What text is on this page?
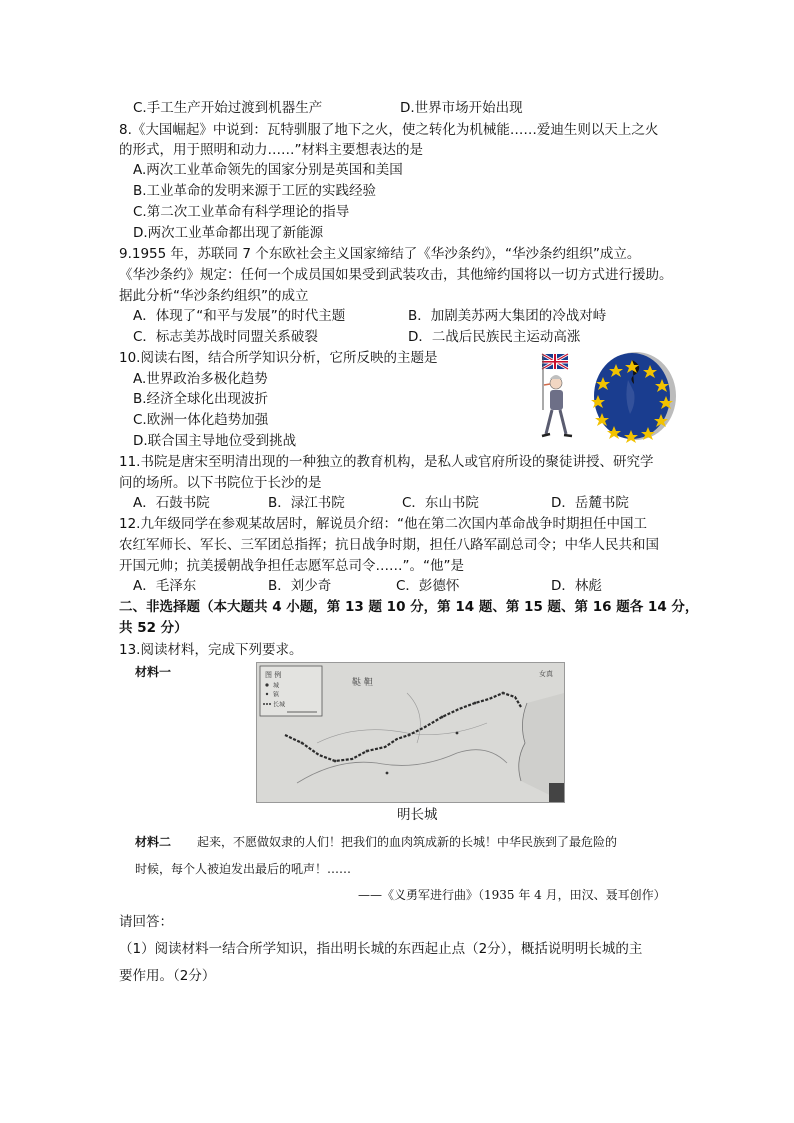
C.手工生产开始过渡到机器生产	D.世界市场开始出现
8.《大国崛起》中说到：瓦特驯服了地下之火，使之转化为机械能……爱迪生则以天上之火
的形式，用于照明和动力……”材料主要想表达的是
A.两次工业革命领先的国家分别是英国和美国
B.工业革命的发明来源于工匠的实践经验
C.第二次工业革命有科学理论的指导
D.两次工业革命都出现了新能源
9.1955 年，苏联同 7 个东欧社会主义国家缔结了《华沙条约》，“华沙条约组织”成立。
《华沙条约》规定：任何一个成员国如果受到武装攻击，其他缔约国将以一切方式进行援助。
据此分析“华沙条约组织”的成立
A．体现了“和平与发展”的时代主题	B．加剧美苏两大集团的冷战对峙
C．标志美苏战时同盟关系破裂	D．二战后民族民主运动高涨
10.阅读右图，结合所学知识分析，它所反映的主题是
A.世界政治多极化趋势
B.经济全球化出现波折
C.欧洲一体化趋势加强
D.联合国主导地位受到挑战
11.书院是唐宋至明清出现的一种独立的教育机构，是私人或官府所设的聚徒讲授、研究学
问的场所。以下书院位于长沙的是
A．石鼓书院	B．渌江书院	C．东山书院	D．岳麓书院
12.九年级同学在参观某故居时，解说员介绍：“他在第二次国内革命战争时期担任中国工
农红军师长、军长、三军团总指挥；抗日战争时期，担任八路军副总司令；中华人民共和国
开国元帅；抗美援朝战争担任志愿军总司令……”。“他”是
A．毛泽东	B．刘少奇	C．彭德怀	D．林彪
二、非选择题（本大题共 4 小题，第 13 题 10 分，第 14 题、第 15 题、第 16 题各 14 分，
共 52 分）
13.阅读材料，完成下列要求。
材料一	图 例
城
镇
长城
鞑 靼
女真
明长城
材料二 起来，不愿做奴隶的人们！把我们的血肉筑成新的长城！中华民族到了最危险的
时候，每个人被迫发出最后的吼声！……
——《义勇军进行曲》（1935 年 4 月，田汉、聂耳创作）
请回答：
（1）阅读材料一结合所学知识，指出明长城的东西起止点（2分），概括说明明长城的主
要作用。（2分）
